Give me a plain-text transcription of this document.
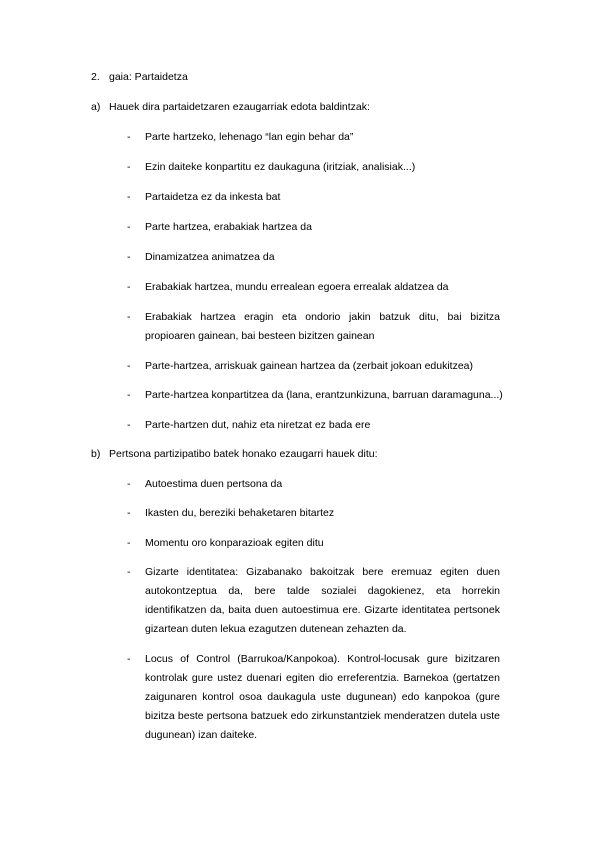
2. gaia: Partaidetza
a) Hauek dira partaidetzaren ezaugarriak edota baldintzak:
- Parte hartzeko, lehenago “lan egin behar da”
- Ezin daiteke konpartitu ez daukaguna (iritziak, analisiak...)
- Partaidetza ez da inkesta bat
- Parte hartzea, erabakiak hartzea da
- Dinamizatzea animatzea da
- Erabakiak hartzea, mundu errealean egoera errealak aldatzea da
- Erabakiak hartzea eragin eta ondorio jakin batzuk ditu, bai bizitza propioaren gainean, bai besteen bizitzen gainean
- Parte-hartzea, arriskuak gainean hartzea da (zerbait jokoan edukitzea)
- Parte-hartzea konpartitzea da (lana, erantzunkizuna, barruan daramaguna...)
- Parte-hartzen dut, nahiz eta niretzat ez bada ere
b) Pertsona partizipatibo batek honako ezaugarri hauek ditu:
- Autoestima duen pertsona da
- Ikasten du, bereziki behaketaren bitartez
- Momentu oro konparazioak egiten ditu
- Gizarte identitatea: Gizabanako bakoitzak bere eremuaz egiten duen autokontzeptua da, bere talde sozialei dagokienez, eta horrekin identifikatzen da, baita duen autoestimua ere. Gizarte identitatea pertsonek gizartean duten lekua ezagutzen dutenean zehazten da.
- Locus of Control (Barrukoa/Kanpokoa). Kontrol-locusak gure bizitzaren kontrolak gure ustez duenari egiten dio erreferentzia. Barnekoa (gertatzen zaigunaren kontrol osoa daukagula uste dugunean) edo kanpokoa (gure bizitza beste pertsona batzuek edo zirkunstantziek menderatzen dutela uste dugunean) izan daiteke.
